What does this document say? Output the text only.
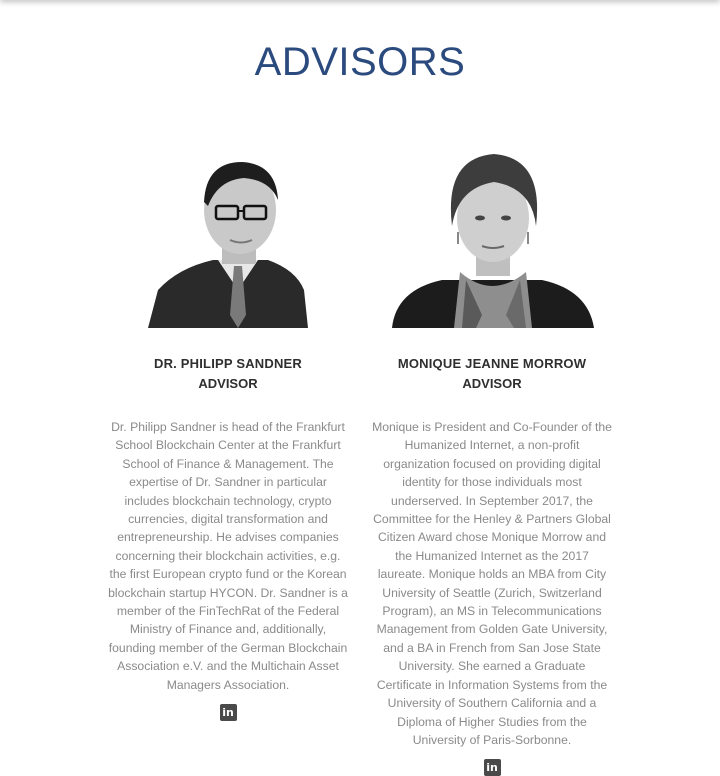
ADVISORS
DR. PHILIPP SANDNER
ADVISOR
Dr. Philipp Sandner is head of the Frankfurt School Blockchain Center at the Frankfurt School of Finance & Management. The expertise of Dr. Sandner in particular includes blockchain technology, crypto currencies, digital transformation and entrepreneurship. He advises companies concerning their blockchain activities, e.g. the first European crypto fund or the Korean blockchain startup HYCON. Dr. Sandner is a member of the FinTechRat of the Federal Ministry of Finance and, additionally, founding member of the German Blockchain Association e.V. and the Multichain Asset Managers Association.
in
MONIQUE JEANNE MORROW
ADVISOR
Monique is President and Co-Founder of the Humanized Internet, a non-profit organization focused on providing digital identity for those individuals most underserved. In September 2017, the Committee for the Henley & Partners Global Citizen Award chose Monique Morrow and the Humanized Internet as the 2017 laureate. Monique holds an MBA from City University of Seattle (Zurich, Switzerland Program), an MS in Telecommunications Management from Golden Gate University, and a BA in French from San Jose State University. She earned a Graduate Certificate in Information Systems from the University of Southern California and a Diploma of Higher Studies from the University of Paris-Sorbonne.
in
